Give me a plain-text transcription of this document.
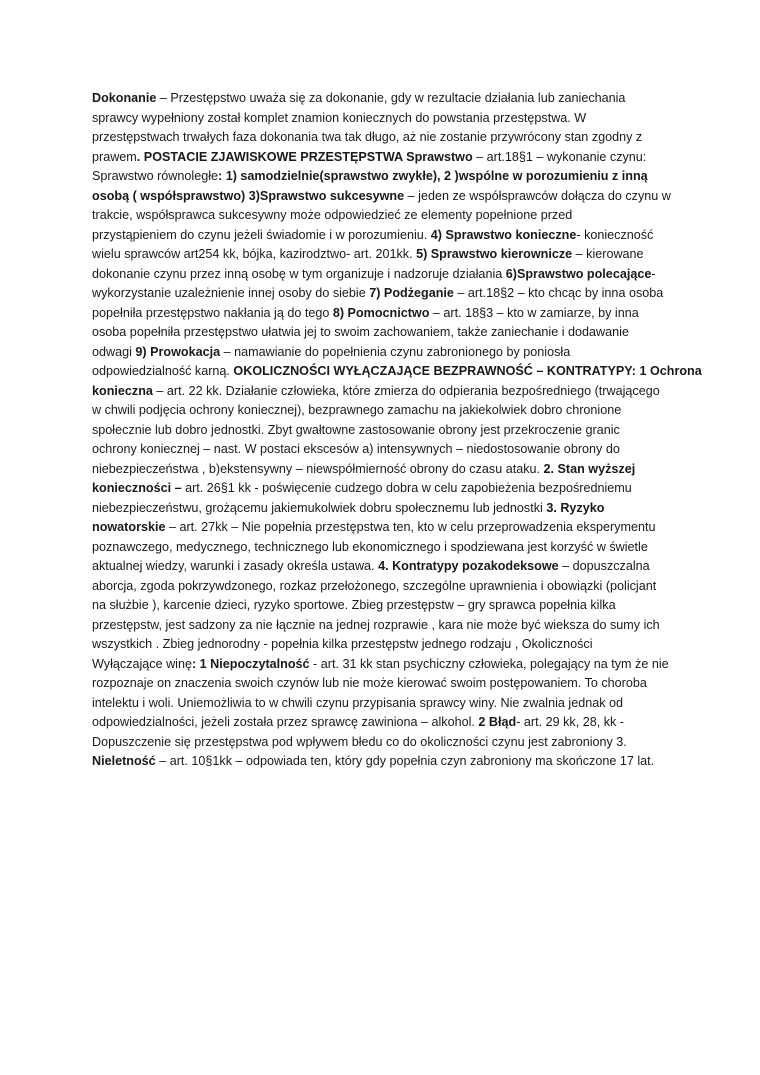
Dokonanie – Przestępstwo uważa się za dokonanie, gdy w rezultacie działania lub zaniechania
sprawcy wypełniony został komplet znamion koniecznych do powstania przestępstwa. W
przestępstwach trwałych faza dokonania twa tak długo, aż nie zostanie przywrócony stan zgodny z
prawem. POSTACIE ZJAWISKOWE PRZESTĘPSTWA Sprawstwo – art.18§1 – wykonanie czynu:
Sprawstwo równoległe: 1) samodzielnie(sprawstwo zwykłe), 2 )wspólne w porozumieniu z inną
osobą ( współsprawstwo) 3)Sprawstwo sukcesywne – jeden ze współsprawców dołącza do czynu w
trakcie, współsprawca sukcesywny może odpowiedzieć ze elementy popełnione przed
przystąpieniem do czynu jeżeli świadomie i w porozumieniu. 4) Sprawstwo konieczne- konieczność
wielu sprawców art254 kk, bójka, kazirodztwo- art. 201kk. 5) Sprawstwo kierownicze – kierowane
dokonanie czynu przez inną osobę w tym organizuje i nadzoruje działania 6)Sprawstwo polecające-
wykorzystanie uzależnienie innej osoby do siebie 7) Podżeganie – art.18§2 – kto chcąc by inna osoba
popełniła przestępstwo nakłania ją do tego 8) Pomocnictwo – art. 18§3 – kto w zamiarze, by inna
osoba popełniła przestępstwo ułatwia jej to swoim zachowaniem, także zaniechanie i dodawanie
odwagi 9) Prowokacja – namawianie do popełnienia czynu zabronionego by poniosła
odpowiedzialność karną. OKOLICZNOŚCI WYŁĄCZAJĄCE BEZPRAWNOŚĆ – KONTRATYPY: 1 Ochrona
konieczna – art. 22 kk. Działanie człowieka, które zmierza do odpierania bezpośredniego (trwającego
w chwili podjęcia ochrony koniecznej), bezprawnego zamachu na jakiekolwiek dobro chronione
społecznie lub dobro jednostki. Zbyt gwałtowne zastosowanie obrony jest przekroczenie granic
ochrony koniecznej – nast. W postaci ekscesów a) intensywnych – niedostosowanie obrony do
niebezpieczeństwa , b)ekstensywny – niewspółmierność obrony do czasu ataku. 2. Stan wyższej
konieczności – art. 26§1 kk - poświęcenie cudzego dobra w celu zapobieżenia bezpośredniemu
niebezpieczeństwu, grożącemu jakiemukolwiek dobru społecznemu lub jednostki 3. Ryzyko
nowatorskie – art. 27kk – Nie popełnia przestępstwa ten, kto w celu przeprowadzenia eksperymentu
poznawczego, medycznego, technicznego lub ekonomicznego i spodziewana jest korzyść w świetle
aktualnej wiedzy, warunki i zasady określa ustawa. 4. Kontratypy pozakodeksowe – dopuszczalna
aborcja, zgoda pokrzywdzonego, rozkaz przełożonego, szczególne uprawnienia i obowiązki (policjant
na służbie ), karcenie dzieci, ryzyko sportowe. Zbieg przestępstw – gry sprawca popełnia kilka
przestępstw, jest sadzony za nie łącznie na jednej rozprawie , kara nie może być wieksza do sumy ich
wszystkich . Zbieg jednorodny - popełnia kilka przestępstw jednego rodzaju , Okoliczności
Wyłączające winę: 1 Niepoczytalność - art. 31 kk stan psychiczny człowieka, polegający na tym że nie
rozpoznaje on znaczenia swoich czynów lub nie może kierować swoim postępowaniem. To choroba
intelektu i woli. Uniemożliwia to w chwili czynu przypisania sprawcy winy. Nie zwalnia jednak od
odpowiedzialności, jeżeli została przez sprawcę zawiniona – alkohol. 2 Błąd- art. 29 kk, 28, kk -
Dopuszczenie się przestępstwa pod wpływem błedu co do okoliczności czynu jest zabroniony 3.
Nieletność – art. 10§1kk – odpowiada ten, który gdy popełnia czyn zabroniony ma skończone 17 lat.
